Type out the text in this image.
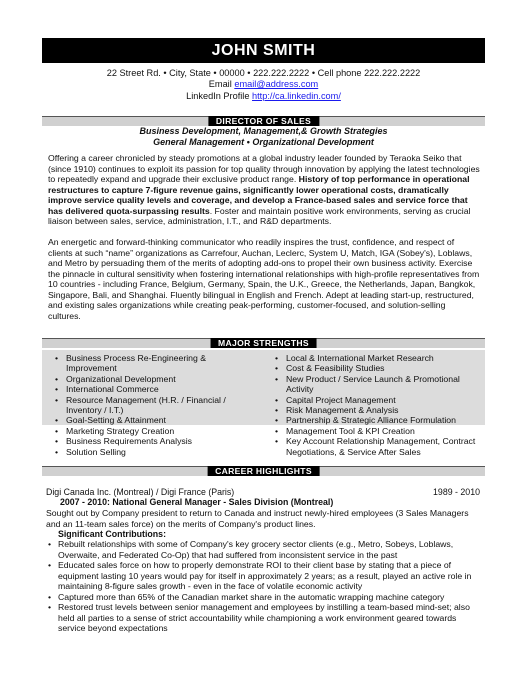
JOHN SMITH
22 Street Rd. • City, State • 00000 • 222.222.2222 • Cell phone 222.222.2222
Email email@address.com
LinkedIn Profile http://ca.linkedin.com/
DIRECTOR OF SALES
Business Development, Management,& Growth Strategies
General Management • Organizational Development

Offering a career chronicled by steady promotions at a global industry leader founded by Teraoka Seiko that (since 1910) continues to exploit its passion for top quality through innovation by applying the latest technologies to repeatedly expand and upgrade their exclusive product range. History of top performance in operational restructures to capture 7-figure revenue gains, significantly lower operational costs, dramatically improve service quality levels and coverage, and develop a France-based sales and service force that has delivered quota-surpassing results. Foster and maintain positive work environments, serving as crucial liaison between sales, service, administration, I.T., and R&D departments.

An energetic and forward-thinking communicator who readily inspires the trust, confidence, and respect of clients at such “name” organizations as Carrefour, Auchan, Leclerc, System U, Match, IGA (Sobey's), Loblaws, and Metro by persuading them of the merits of adopting add-ons to propel their own business activity. Exercise the pinnacle in cultural sensitivity when fostering international relationships with high-profile representatives from 10 countries - including France, Belgium, Germany, Spain, the U.K., Greece, the Netherlands, Japan, Bangkok, Singapore, Bali, and Shanghai. Fluently bilingual in English and French. Adept at leading start-up, restructured, and existing sales organizations while creating peak-performing, customer-focused, and solution-selling cultures.

MAJOR STRENGTHS
• Business Process Re-Engineering & Improvement
• Organizational Development
• International Commerce
• Resource Management (H.R. / Financial / Inventory / I.T.)
• Goal-Setting & Attainment
• Marketing Strategy Creation
• Business Requirements Analysis
• Solution Selling
• Local & International Market Research
• Cost & Feasibility Studies
• New Product / Service Launch & Promotional Activity
• Capital Project Management
• Risk Management & Analysis
• Partnership & Strategic Alliance Formulation
• Management Tool & KPI Creation
• Key Account Relationship Management, Contract Negotiations, & Service After Sales
CAREER HIGHLIGHTS
Digi Canada Inc. (Montreal) / Digi France (Paris)	1989 - 2010
2007 - 2010: National General Manager - Sales Division (Montreal)
Sought out by Company president to return to Canada and instruct newly-hired employees (3 Sales Managers and an 11-team sales force) on the merits of Company's product lines.
Significant Contributions:
• Rebuilt relationships with some of Company's key grocery sector clients (e.g., Metro, Sobeys, Loblaws, Overwaite, and Federated Co-Op) that had suffered from inconsistent service in the past
• Educated sales force on how to properly demonstrate ROI to their client base by stating that a piece of equipment lasting 10 years would pay for itself in approximately 2 years; as a result, played an active role in maintaining 8-figure sales growth - even in the face of volatile economic activity
• Captured more than 65% of the Canadian market share in the automatic wrapping machine category
• Restored trust levels between senior management and employees by instilling a team-based mind-set; also held all parties to a sense of strict accountability while championing a work environment geared towards service beyond expectations
